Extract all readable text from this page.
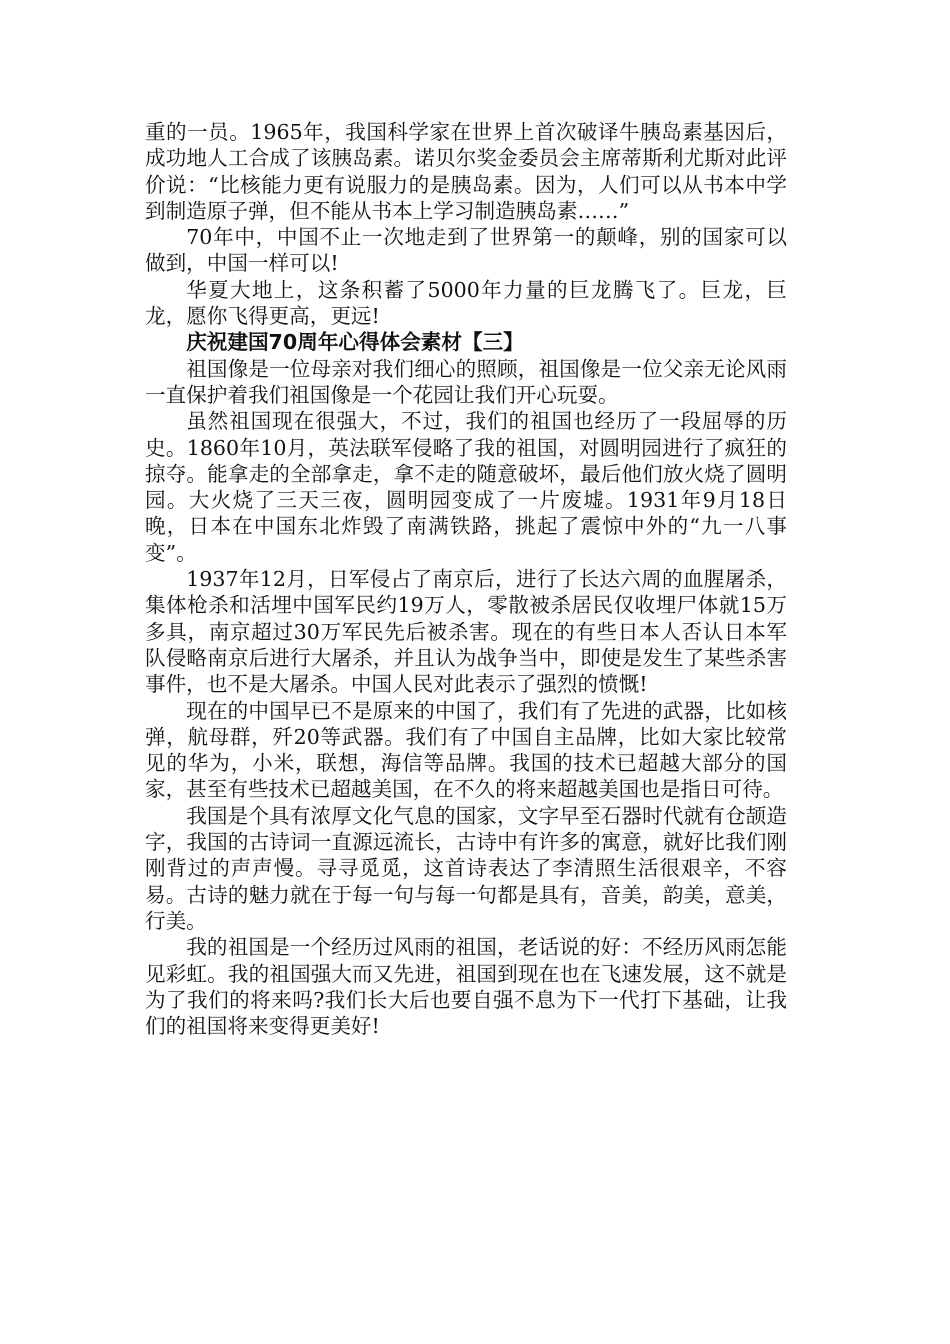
重的一员。1965年，我国科学家在世界上首次破译牛胰岛素基因后，成功地人工合成了该胰岛素。诺贝尔奖金委员会主席蒂斯利尤斯对此评价说：“比核能力更有说服力的是胰岛素。因为，人们可以从书本中学到制造原子弹，但不能从书本上学习制造胰岛素……”

70年中，中国不止一次地走到了世界第一的颠峰，别的国家可以做到，中国一样可以!

华夏大地上，这条积蓄了5000年力量的巨龙腾飞了。巨龙，巨龙，愿你飞得更高，更远!

庆祝建国70周年心得体会素材【三】

祖国像是一位母亲对我们细心的照顾，祖国像是一位父亲无论风雨一直保护着我们祖国像是一个花园让我们开心玩耍。

虽然祖国现在很强大，不过，我们的祖国也经历了一段屈辱的历史。1860年10月，英法联军侵略了我的祖国，对圆明园进行了疯狂的掠夺。能拿走的全部拿走，拿不走的随意破坏，最后他们放火烧了圆明园。大火烧了三天三夜，圆明园变成了一片废墟。1931年9月18日晚，日本在中国东北炸毁了南满铁路，挑起了震惊中外的“九一八事变”。

1937年12月，日军侵占了南京后，进行了长达六周的血腥屠杀，集体枪杀和活埋中国军民约19万人，零散被杀居民仅收埋尸体就15万多具，南京超过30万军民先后被杀害。现在的有些日本人否认日本军队侵略南京后进行大屠杀，并且认为战争当中，即使是发生了某些杀害事件，也不是大屠杀。中国人民对此表示了强烈的愤慨!

现在的中国早已不是原来的中国了，我们有了先进的武器，比如核弹，航母群，歼20等武器。我们有了中国自主品牌，比如大家比较常见的华为，小米，联想，海信等品牌。我国的技术已超越大部分的国家，甚至有些技术已超越美国，在不久的将来超越美国也是指日可待。

我国是个具有浓厚文化气息的国家，文字早至石器时代就有仓颉造字，我国的古诗词一直源远流长，古诗中有许多的寓意，就好比我们刚刚背过的声声慢。寻寻觅觅，这首诗表达了李清照生活很艰辛，不容易。古诗的魅力就在于每一句与每一句都是具有，音美，韵美，意美，行美。

我的祖国是一个经历过风雨的祖国，老话说的好：不经历风雨怎能见彩虹。我的祖国强大而又先进，祖国到现在也在飞速发展，这不就是为了我们的将来吗?我们长大后也要自强不息为下一代打下基础，让我们的祖国将来变得更美好!
